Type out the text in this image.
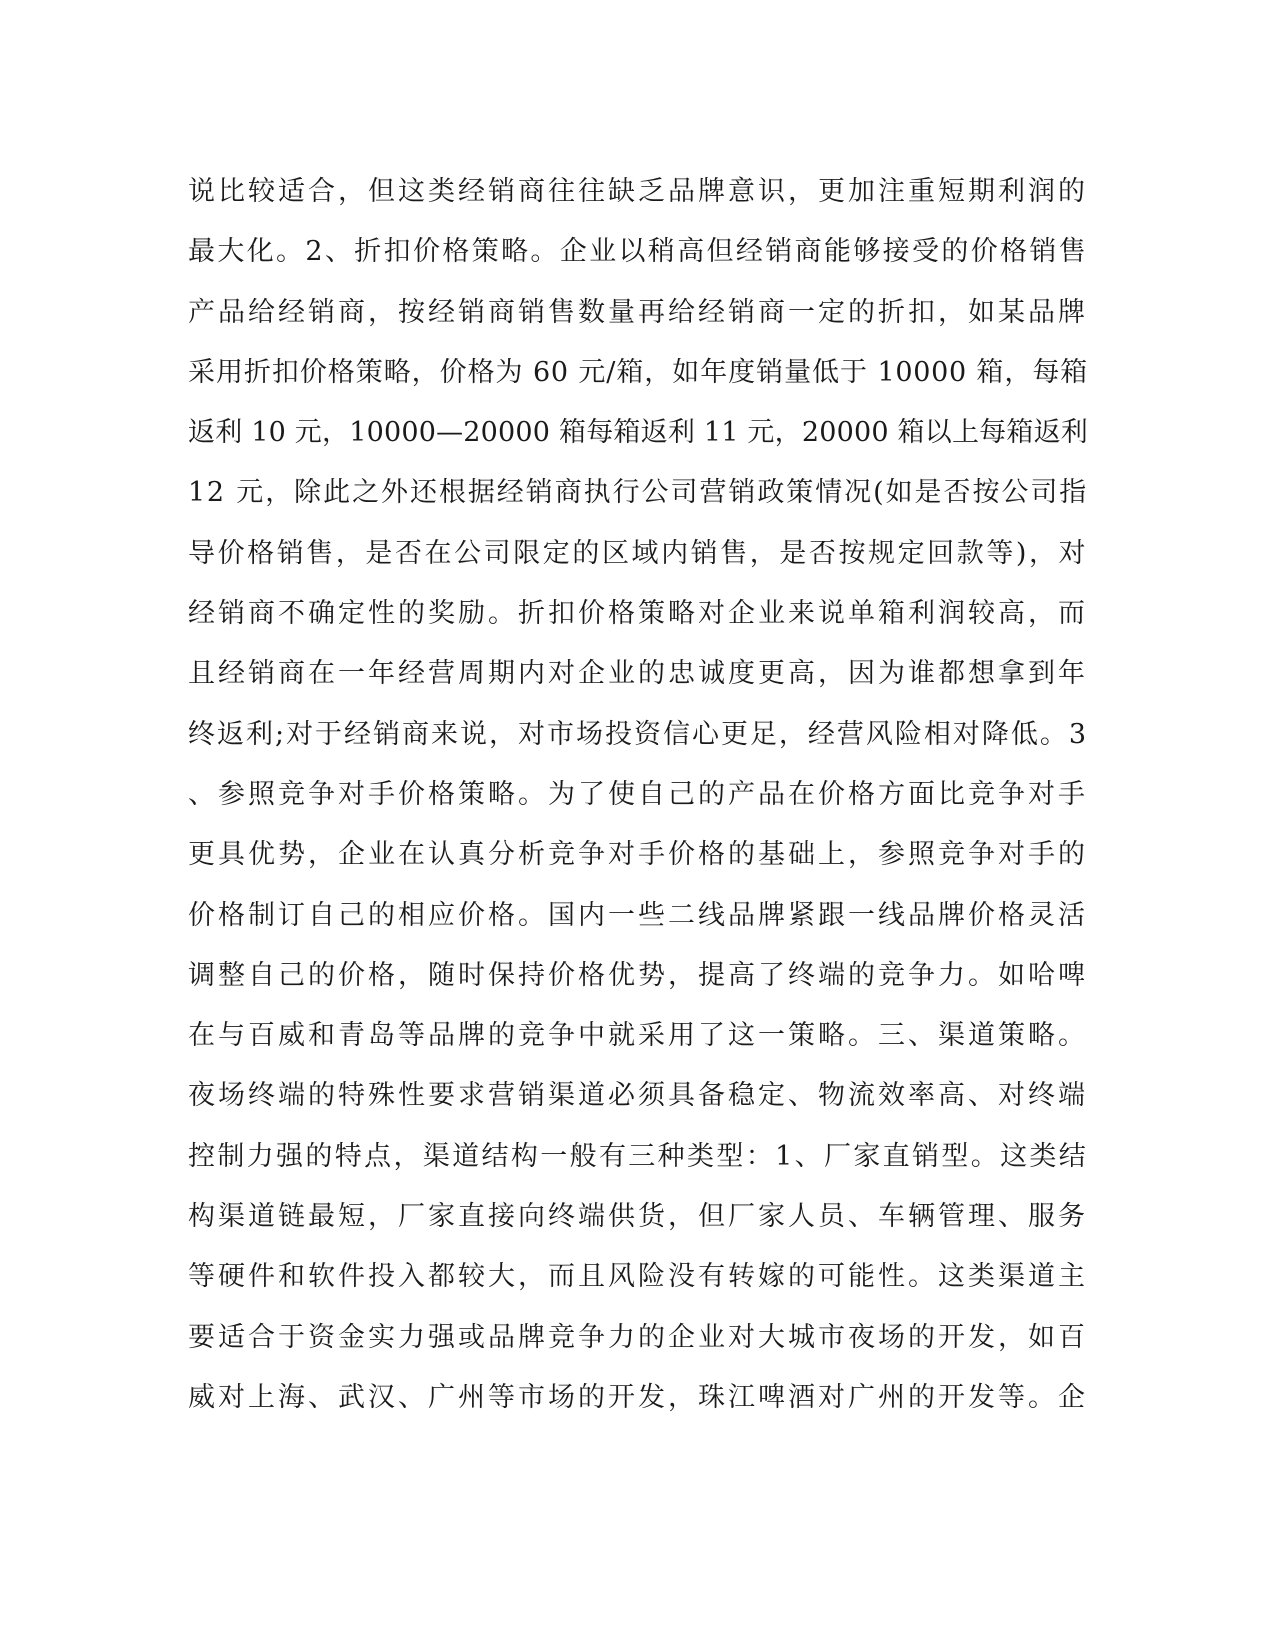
说比较适合，但这类经销商往往缺乏品牌意识，更加注重短期利润的
最大化。2、折扣价格策略。企业以稍高但经销商能够接受的价格销售
产品给经销商，按经销商销售数量再给经销商一定的折扣，如某品牌
采用折扣价格策略，价格为 60 元/箱，如年度销量低于 10000 箱，每箱
返利 10 元，10000—20000 箱每箱返利 11 元，20000 箱以上每箱返利
12 元，除此之外还根据经销商执行公司营销政策情况(如是否按公司指
导价格销售，是否在公司限定的区域内销售，是否按规定回款等)，对
经销商不确定性的奖励。折扣价格策略对企业来说单箱利润较高，而
且经销商在一年经营周期内对企业的忠诚度更高，因为谁都想拿到年
终返利;对于经销商来说，对市场投资信心更足，经营风险相对降低。3
、参照竞争对手价格策略。为了使自己的产品在价格方面比竞争对手
更具优势，企业在认真分析竞争对手价格的基础上，参照竞争对手的
价格制订自己的相应价格。国内一些二线品牌紧跟一线品牌价格灵活
调整自己的价格，随时保持价格优势，提高了终端的竞争力。如哈啤
在与百威和青岛等品牌的竞争中就采用了这一策略。三、渠道策略。
夜场终端的特殊性要求营销渠道必须具备稳定、物流效率高、对终端
控制力强的特点，渠道结构一般有三种类型：1、厂家直销型。这类结
构渠道链最短，厂家直接向终端供货，但厂家人员、车辆管理、服务
等硬件和软件投入都较大，而且风险没有转嫁的可能性。这类渠道主
要适合于资金实力强或品牌竞争力的企业对大城市夜场的开发，如百
威对上海、武汉、广州等市场的开发，珠江啤酒对广州的开发等。企
